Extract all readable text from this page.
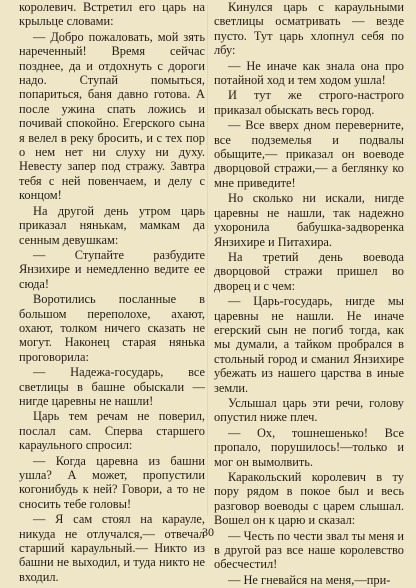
королевич. Встретил его царь на крыльце словами:

— Добро пожаловать, мой зять нареченный! Время сейчас позднее, да и отдохнуть с дороги надо. Ступай помыться, попариться, баня давно готова. А после ужина спать ложись и почивай спокойно. Егерского сына я велел в реку бросить, и с тех пор о нем нет ни слуху ни духу. Невесту запер под стражу. Завтра тебя с ней повенчаем, и делу с концом!

На другой день утром царь приказал нянькам, мамкам да сенным девушкам:

— Ступайте разбудите Янзихире и немедленно ведите ее сюда!

Воротились посланные в большом переполохе, ахают, охают, толком ничего сказать не могут. Наконец старая нянька проговорила:

— Надежа-государь, все светлицы в башне обыскали — нигде царевны не нашли!

Царь тем речам не поверил, послал сам. Сперва старшего караульного спросил:

— Когда царевна из башни ушла? А может, пропустили когонибудь к ней? Говори, а то не сносить тебе головы!

— Я сам стоял на карауле, никуда не отлучался,— отвечал старший караульный.— Никто из башни не выходил, и туда никто не входил.

Кинулся царь с караульными светлицы осматривать — везде пусто. Тут царь хлопнул себя по лбу:

— Не иначе как знала она про потайной ход и тем ходом ушла!

И тут же строго-настрого приказал обыскать весь город.

— Все вверх дном переверните, все подземелья и подвалы обыщите,— приказал он воеводе дворцовой стражи,— а беглянку ко мне приведите!

Но сколько ни искали, нигде царевны не нашли, так надежно ухоронила бабушка-задворенка Янзихире и Питахира.

На третий день воевода дворцовой стражи пришел во дворец и с чем:

— Царь-государь, нигде мы царевны не нашли. Не иначе егерский сын не погиб тогда, как мы думали, а тайком пробрался в стольный город и сманил Янзихире убежать из нашего царства в иные земли.

Услышал царь эти речи, голову опустил ниже плеч.

— Ох, тошнешенько! Все пропало, порушилось!—только и мог он вымолвить.

Каракольский королевич в ту пору рядом в покое был и весь разговор воеводы с царем слышал. Вошел он к царю и сказал:

— Честь по чести звал ты меня и в другой раз все наше королевство обесчестил!

— Не гневайся на меня,—при-

30
